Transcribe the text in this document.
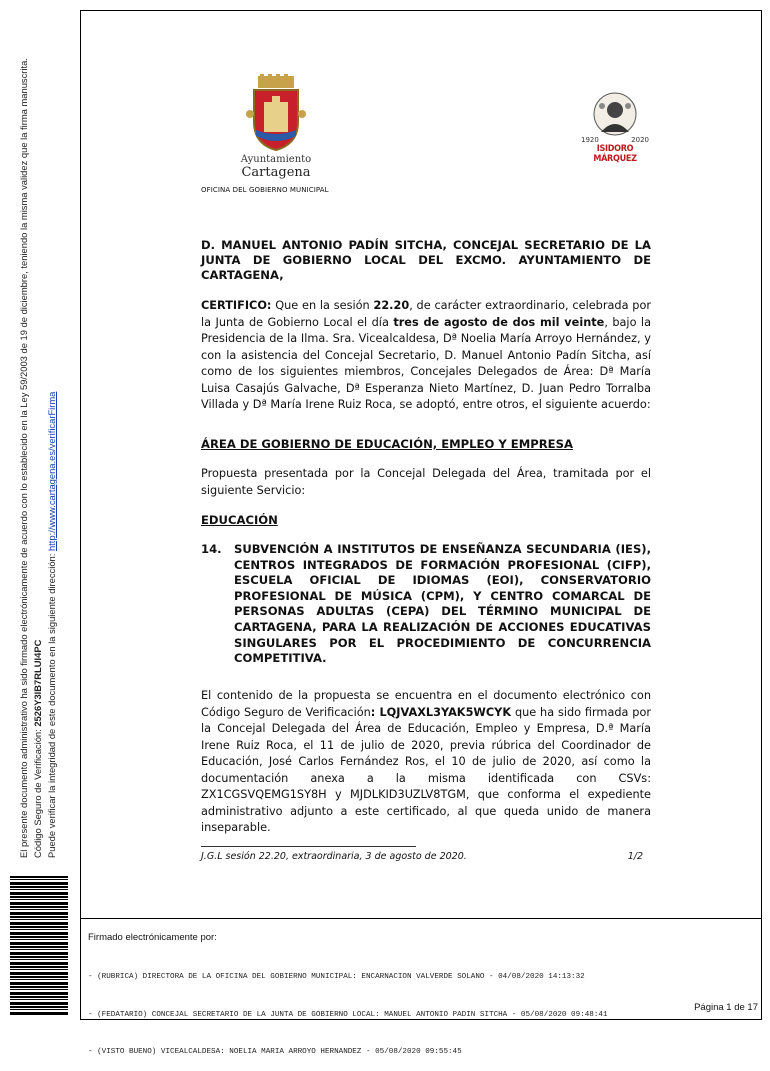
El presente documento administrativo ha sido firmado electrónicamente de acuerdo con lo establecido en la Ley 59/2003 de 19 de diciembre, teniendo la misma validez que la firma manuscrita. Código Seguro de Verificación: 2526Y3IB7RLUI4PC Puede verificar la integridad de este documento en la siguiente dirección: http://www.cartagena.es/verificarFirma
Ayuntamiento
Cartagena
1920	2020
ISIDORO MÁRQUEZ
OFICINA DEL GOBIERNO MUNICIPAL
D. MANUEL ANTONIO PADÍN SITCHA, CONCEJAL SECRETARIO DE LA JUNTA DE GOBIERNO LOCAL DEL EXCMO. AYUNTAMIENTO DE CARTAGENA,
CERTIFICO: Que en la sesión 22.20, de carácter extraordinario, celebrada por la Junta de Gobierno Local el día tres de agosto de dos mil veinte, bajo la Presidencia de la Ilma. Sra. Vicealcaldesa, Dª Noelia María Arroyo Hernández, y con la asistencia del Concejal Secretario, D. Manuel Antonio Padín Sitcha, así como de los siguientes miembros, Concejales Delegados de Área: Dª María Luisa Casajús Galvache, Dª Esperanza Nieto Martínez, D. Juan Pedro Torralba Villada y Dª María Irene Ruiz Roca, se adoptó, entre otros, el siguiente acuerdo:
ÁREA DE GOBIERNO DE EDUCACIÓN, EMPLEO Y EMPRESA
Propuesta presentada por la Concejal Delegada del Área, tramitada por el siguiente Servicio:
EDUCACIÓN
14.	SUBVENCIÓN A INSTITUTOS DE ENSEÑANZA SECUNDARIA (IES), CENTROS INTEGRADOS DE FORMACIÓN PROFESIONAL (CIFP), ESCUELA OFICIAL DE IDIOMAS (EOI), CONSERVATORIO PROFESIONAL DE MÚSICA (CPM), Y CENTRO COMARCAL DE PERSONAS ADULTAS (CEPA) DEL TÉRMINO MUNICIPAL DE CARTAGENA, PARA LA REALIZACIÓN DE ACCIONES EDUCATIVAS SINGULARES POR EL PROCEDIMIENTO DE CONCURRENCIA COMPETITIVA.
El contenido de la propuesta se encuentra en el documento electrónico con Código Seguro de Verificación: LQJVAXL3YAK5WCYK que ha sido firmada por la Concejal Delegada del Área de Educación, Empleo y Empresa, D.ª María Irene Ruiz Roca, el 11 de julio de 2020, previa rúbrica del Coordinador de Educación, José Carlos Fernández Ros, el 10 de julio de 2020, así como la documentación anexa a la misma identificada con CSVs: ZX1CGSVQEMG1SY8H y MJDLKID3UZLV8TGM, que conforma el expediente administrativo adjunto a este certificado, al que queda unido de manera inseparable.
J.G.L sesión 22.20, extraordinaria, 3 de agosto de 2020.	1/2
Firmado electrónicamente por:

- (RUBRICA) DIRECTORA DE LA OFICINA DEL GOBIERNO MUNICIPAL: ENCARNACION VALVERDE SOLANO - 04/08/2020 14:13:32

- (FEDATARIO) CONCEJAL SECRETARIO DE LA JUNTA DE GOBIERNO LOCAL: MANUEL ANTONIO PADIN SITCHA - 05/08/2020 09:48:41

- (VISTO BUENO) VICEALCALDESA: NOELIA MARIA ARROYO HERNANDEZ - 05/08/2020 09:55:45

Página 1 de 17
